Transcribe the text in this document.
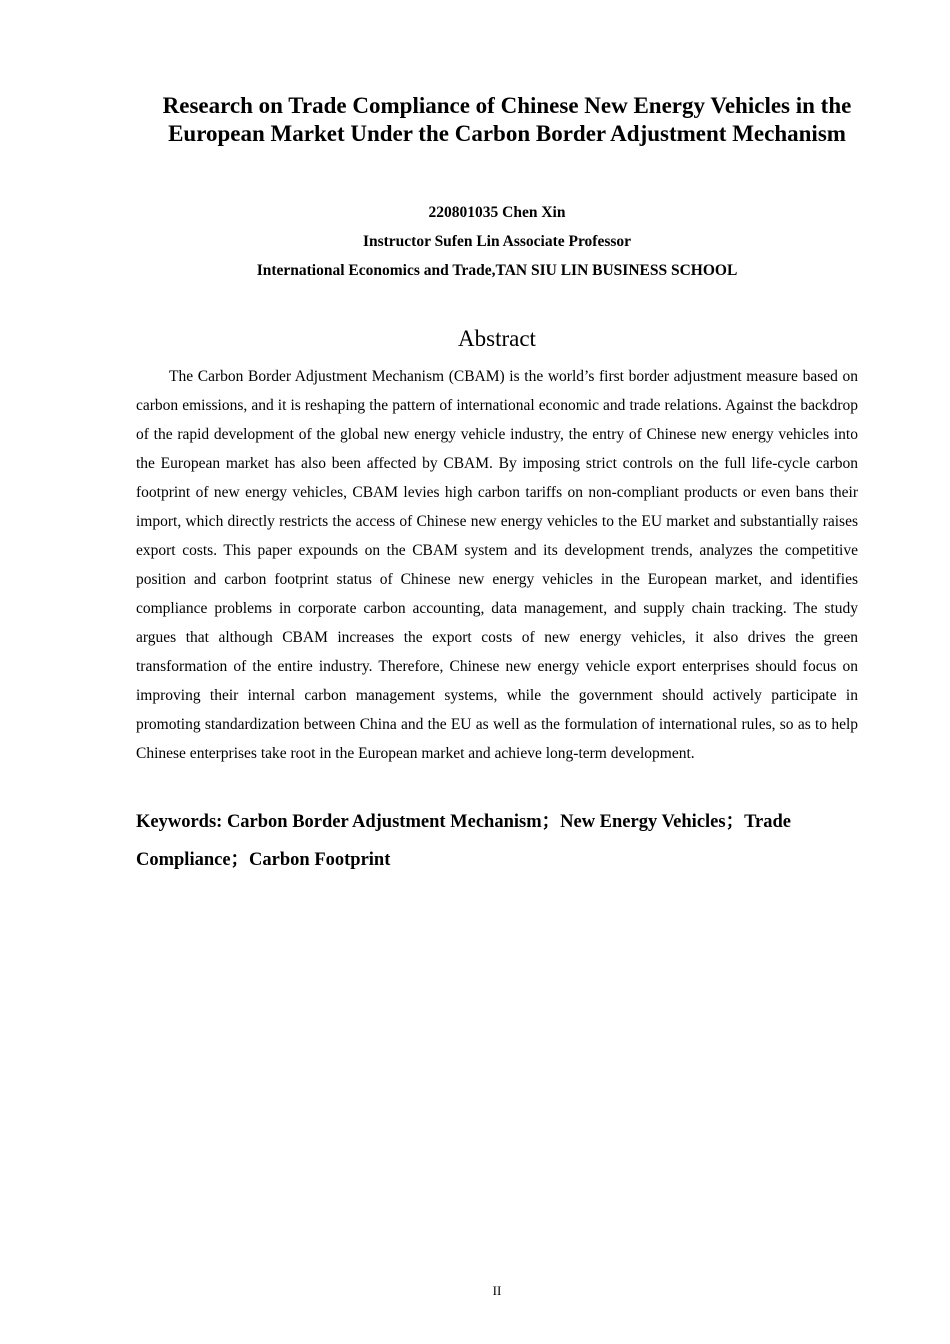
Research on Trade Compliance of Chinese New Energy Vehicles in the European Market Under the Carbon Border Adjustment Mechanism

220801035 Chen Xin

Instructor Sufen Lin Associate Professor

International Economics and Trade,TAN SIU LIN BUSINESS SCHOOL

Abstract

The Carbon Border Adjustment Mechanism (CBAM) is the world’s first border adjustment measure based on carbon emissions, and it is reshaping the pattern of international economic and trade relations. Against the backdrop of the rapid development of the global new energy vehicle industry, the entry of Chinese new energy vehicles into the European market has also been affected by CBAM. By imposing strict controls on the full life-cycle carbon footprint of new energy vehicles, CBAM levies high carbon tariffs on non-compliant products or even bans their import, which directly restricts the access of Chinese new energy vehicles to the EU market and substantially raises export costs. This paper expounds on the CBAM system and its development trends, analyzes the competitive position and carbon footprint status of Chinese new energy vehicles in the European market, and identifies compliance problems in corporate carbon accounting, data management, and supply chain tracking. The study argues that although CBAM increases the export costs of new energy vehicles, it also drives the green transformation of the entire industry. Therefore, Chinese new energy vehicle export enterprises should focus on improving their internal carbon management systems, while the government should actively participate in promoting standardization between China and the EU as well as the formulation of international rules, so as to help Chinese enterprises take root in the European market and achieve long-term development.

Keywords: Carbon Border Adjustment Mechanism；New Energy Vehicles；Trade Compliance；Carbon Footprint

II
